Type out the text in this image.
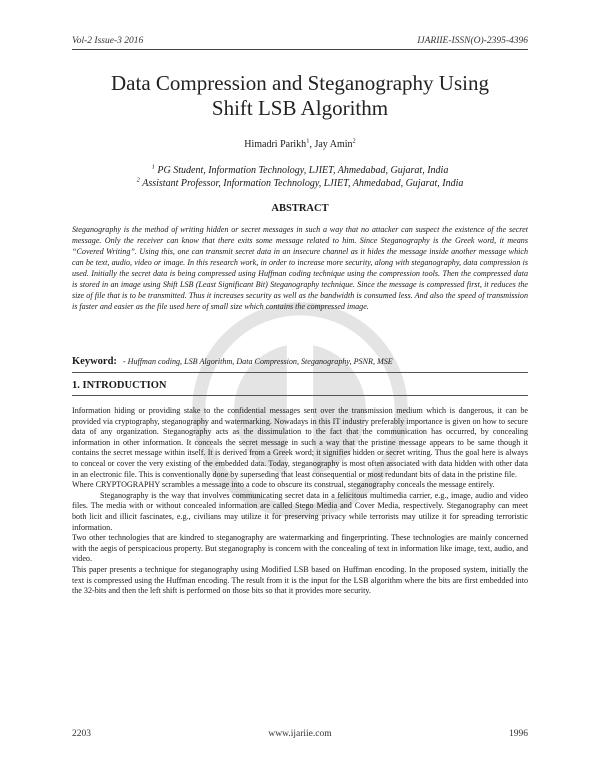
Vol-2 Issue-3 2016	IJARIIE-ISSN(O)-2395-4396
Data Compression and Steganography Using
Shift LSB Algorithm
Himadri Parikh$^1$, Jay Amin$^2$
$^1$ PG Student, Information Technology, LJIET, Ahmedabad, Gujarat, India
$^2$ Assistant Professor, Information Technology, LJIET, Ahmedabad, Gujarat, India
ABSTRACT
Steganography is the method of writing hidden or secret messages in such a way that no attacker can suspect the existence of the secret message. Only the receiver can know that there exits some message related to him. Since Steganography is the Greek word, it means “Covered Writing”. Using this, one can transmit secret data in an insecure channel as it hides the message inside another message which can be text, audio, video or image. In this research work, in order to increase more security, along with steganography, data compression is used. Initially the secret data is being compressed using Huffman coding technique using the compression tools. Then the compressed data is stored in an image using Shift LSB (Least Significant Bit) Steganography technique. Since the message is compressed first, it reduces the size of file that is to be transmitted. Thus it increases security as well as the bandwidth is consumed less. And also the speed of transmission is faster and easier as the file used here of small size which contains the compressed image.
Keyword: - Huffman coding, LSB Algorithm, Data Compression, Steganography, PSNR, MSE
1. INTRODUCTION

Information hiding or providing stake to the confidential messages sent over the transmission medium which is dangerous, it can be provided via cryptography, steganography and watermarking. Nowadays in this IT industry preferably importance is given on how to secure data of any organization. Steganography acts as the dissimulation to the fact that the communication has occurred, by concealing information in other information. It conceals the secret message in such a way that the pristine message appears to be same though it contains the secret message within itself. It is derived from a Greek word; it signifies hidden or secret writing. Thus the goal here is always to conceal or cover the very existing of the embedded data. Today, steganography is most often associated with data hidden with other data in an electronic file. This is conventionally done by superseding that least consequential or most redundant bits of data in the pristine file.

Where CRYPTOGRAPHY scrambles a message into a code to obscure its construal, steganography conceals the message entirely.

Steganography is the way that involves communicating secret data in a felicitous multimedia carrier, e.g., image, audio and video files. The media with or without concealed information are called Stego Media and Cover Media, respectively. Steganography can meet both licit and illicit fascinates, e.g., civilians may utilize it for preserving privacy while terrorists may utilize it for spreading terroristic information.

Two other technologies that are kindred to steganography are watermarking and fingerprinting. These technologies are mainly concerned with the aegis of perspicacious property. But steganography is concern with the concealing of text in information like image, text, audio, and video.

This paper presents a technique for steganography using Modified LSB based on Huffman encoding. In the proposed system, initially the text is compressed using the Huffman encoding. The result from it is the input for the LSB algorithm where the bits are first embedded into the 32-bits and then the left shift is performed on those bits so that it provides more security.

2203	www.ijariie.com	1996
